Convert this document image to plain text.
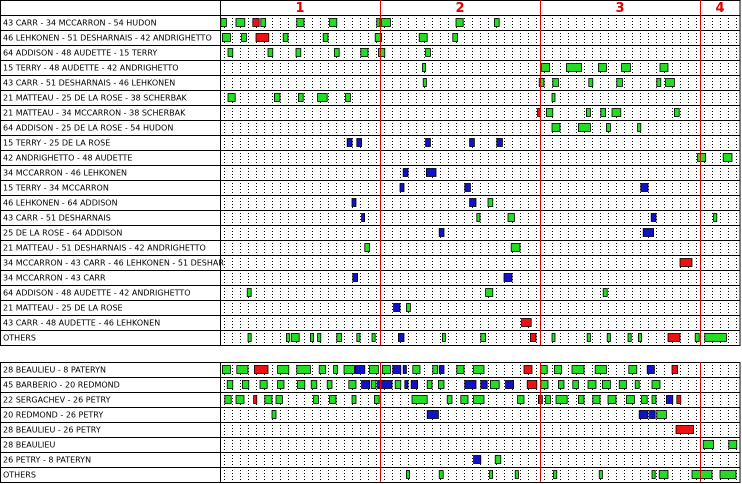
1	2	3	4
43 CARR - 34 MCCARRON - 54 HUDON
46 LEHKONEN - 51 DESHARNAIS - 42 ANDRIGHETTO
64 ADDISON - 48 AUDETTE - 15 TERRY
15 TERRY - 48 AUDETTE - 42 ANDRIGHETTO
43 CARR - 51 DESHARNAIS - 46 LEHKONEN
21 MATTEAU - 25 DE LA ROSE - 38 SCHERBAK
21 MATTEAU - 34 MCCARRON - 38 SCHERBAK
64 ADDISON - 25 DE LA ROSE - 54 HUDON
15 TERRY - 25 DE LA ROSE
42 ANDRIGHETTO - 48 AUDETTE
34 MCCARRON - 46 LEHKONEN
15 TERRY - 34 MCCARRON
46 LEHKONEN - 64 ADDISON
43 CARR - 51 DESHARNAIS
25 DE LA ROSE - 64 ADDISON
21 MATTEAU - 51 DESHARNAIS - 42 ANDRIGHETTO
34 MCCARRON - 43 CARR - 46 LEHKONEN - 51 DESHAR
34 MCCARRON - 43 CARR
64 ADDISON - 48 AUDETTE - 42 ANDRIGHETTO
21 MATTEAU - 25 DE LA ROSE
43 CARR - 48 AUDETTE - 46 LEHKONEN
OTHERS
28 BEAULIEU - 8 PATERYN
45 BARBERIO - 20 REDMOND
22 SERGACHEV - 26 PETRY
20 REDMOND - 26 PETRY
28 BEAULIEU - 26 PETRY
28 BEAULIEU
26 PETRY - 8 PATERYN
OTHERS
